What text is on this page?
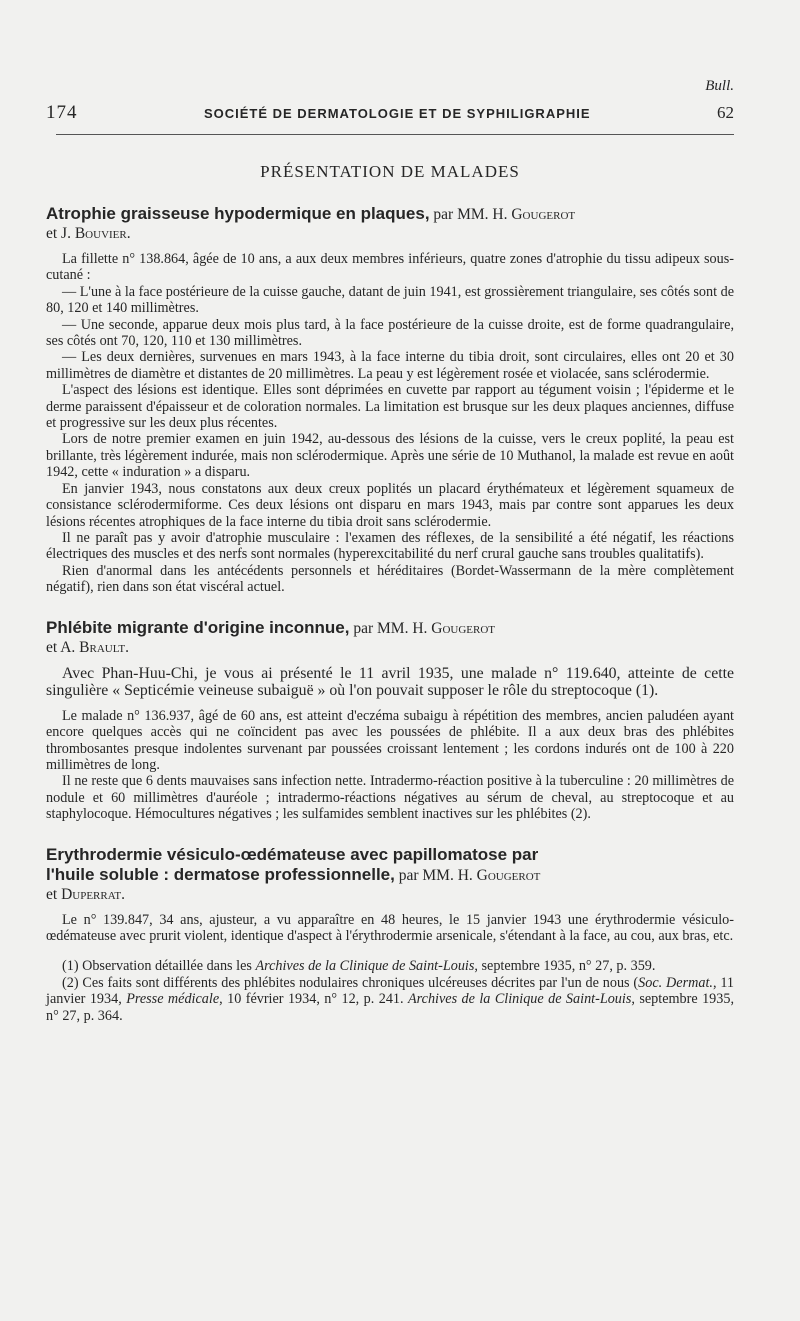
Bull.
174	SOCIÉTÉ DE DERMATOLOGIE ET DE SYPHILIGRAPHIE	62
PRÉSENTATION DE MALADES
Atrophie graisseuse hypodermique en plaques, par MM. H. Gougerot
et J. Bouvier.

La fillette n° 138.864, âgée de 10 ans, a aux deux membres inférieurs, quatre zones d'atrophie du tissu adipeux sous-cutané :

— L'une à la face postérieure de la cuisse gauche, datant de juin 1941, est grossièrement triangulaire, ses côtés sont de 80, 120 et 140 millimètres.

— Une seconde, apparue deux mois plus tard, à la face postérieure de la cuisse droite, est de forme quadrangulaire, ses côtés ont 70, 120, 110 et 130 millimètres.

— Les deux dernières, survenues en mars 1943, à la face interne du tibia droit, sont circulaires, elles ont 20 et 30 millimètres de diamètre et distantes de 20 millimètres. La peau y est légèrement rosée et violacée, sans sclérodermie.

L'aspect des lésions est identique. Elles sont déprimées en cuvette par rapport au tégument voisin ; l'épiderme et le derme paraissent d'épaisseur et de coloration normales. La limitation est brusque sur les deux plaques anciennes, diffuse et progressive sur les deux plus récentes.

Lors de notre premier examen en juin 1942, au-dessous des lésions de la cuisse, vers le creux poplité, la peau est brillante, très légèrement indurée, mais non sclérodermique. Après une série de 10 Muthanol, la malade est revue en août 1942, cette « induration » a disparu.

En janvier 1943, nous constatons aux deux creux poplités un placard érythémateux et légèrement squameux de consistance sclérodermiforme. Ces deux lésions ont disparu en mars 1943, mais par contre sont apparues les deux lésions récentes atrophiques de la face interne du tibia droit sans sclérodermie.

Il ne paraît pas y avoir d'atrophie musculaire : l'examen des réflexes, de la sensibilité a été négatif, les réactions électriques des muscles et des nerfs sont normales (hyperexcitabilité du nerf crural gauche sans troubles qualitatifs).

Rien d'anormal dans les antécédents personnels et héréditaires (Bordet-Wassermann de la mère complètement négatif), rien dans son état viscéral actuel.

Phlébite migrante d'origine inconnue, par MM. H. Gougerot
et A. Brault.

Avec Phan-Huu-Chi, je vous ai présenté le 11 avril 1935, une malade n° 119.640, atteinte de cette singulière « Septicémie veineuse subaiguë » où l'on pouvait supposer le rôle du streptocoque (1).

Le malade n° 136.937, âgé de 60 ans, est atteint d'eczéma subaigu à répétition des membres, ancien paludéen ayant encore quelques accès qui ne coïncident pas avec les poussées de phlébite. Il a aux deux bras des phlébites thrombosantes presque indolentes survenant par poussées croissant lentement ; les cordons indurés ont de 100 à 220 millimètres de long.

Il ne reste que 6 dents mauvaises sans infection nette. Intradermo-réaction positive à la tuberculine : 20 millimètres de nodule et 60 millimètres d'auréole ; intradermo-réactions négatives au sérum de cheval, au streptocoque et au staphylocoque. Hémocultures négatives ; les sulfamides semblent inactives sur les phlébites (2).

Erythrodermie vésiculo-œdémateuse avec papillomatose par
l'huile soluble : dermatose professionnelle, par MM. H. Gougerot
et Duperrat.

Le n° 139.847, 34 ans, ajusteur, a vu apparaître en 48 heures, le 15 janvier 1943 une érythrodermie vésiculo-œdémateuse avec prurit violent, identique d'aspect à l'érythrodermie arsenicale, s'étendant à la face, au cou, aux bras, etc.

(1) Observation détaillée dans les Archives de la Clinique de Saint-Louis, septembre 1935, n° 27, p. 359.

(2) Ces faits sont différents des phlébites nodulaires chroniques ulcéreuses décrites par l'un de nous (Soc. Dermat., 11 janvier 1934, Presse médicale, 10 février 1934, n° 12, p. 241. Archives de la Clinique de Saint-Louis, septembre 1935, n° 27, p. 364.
